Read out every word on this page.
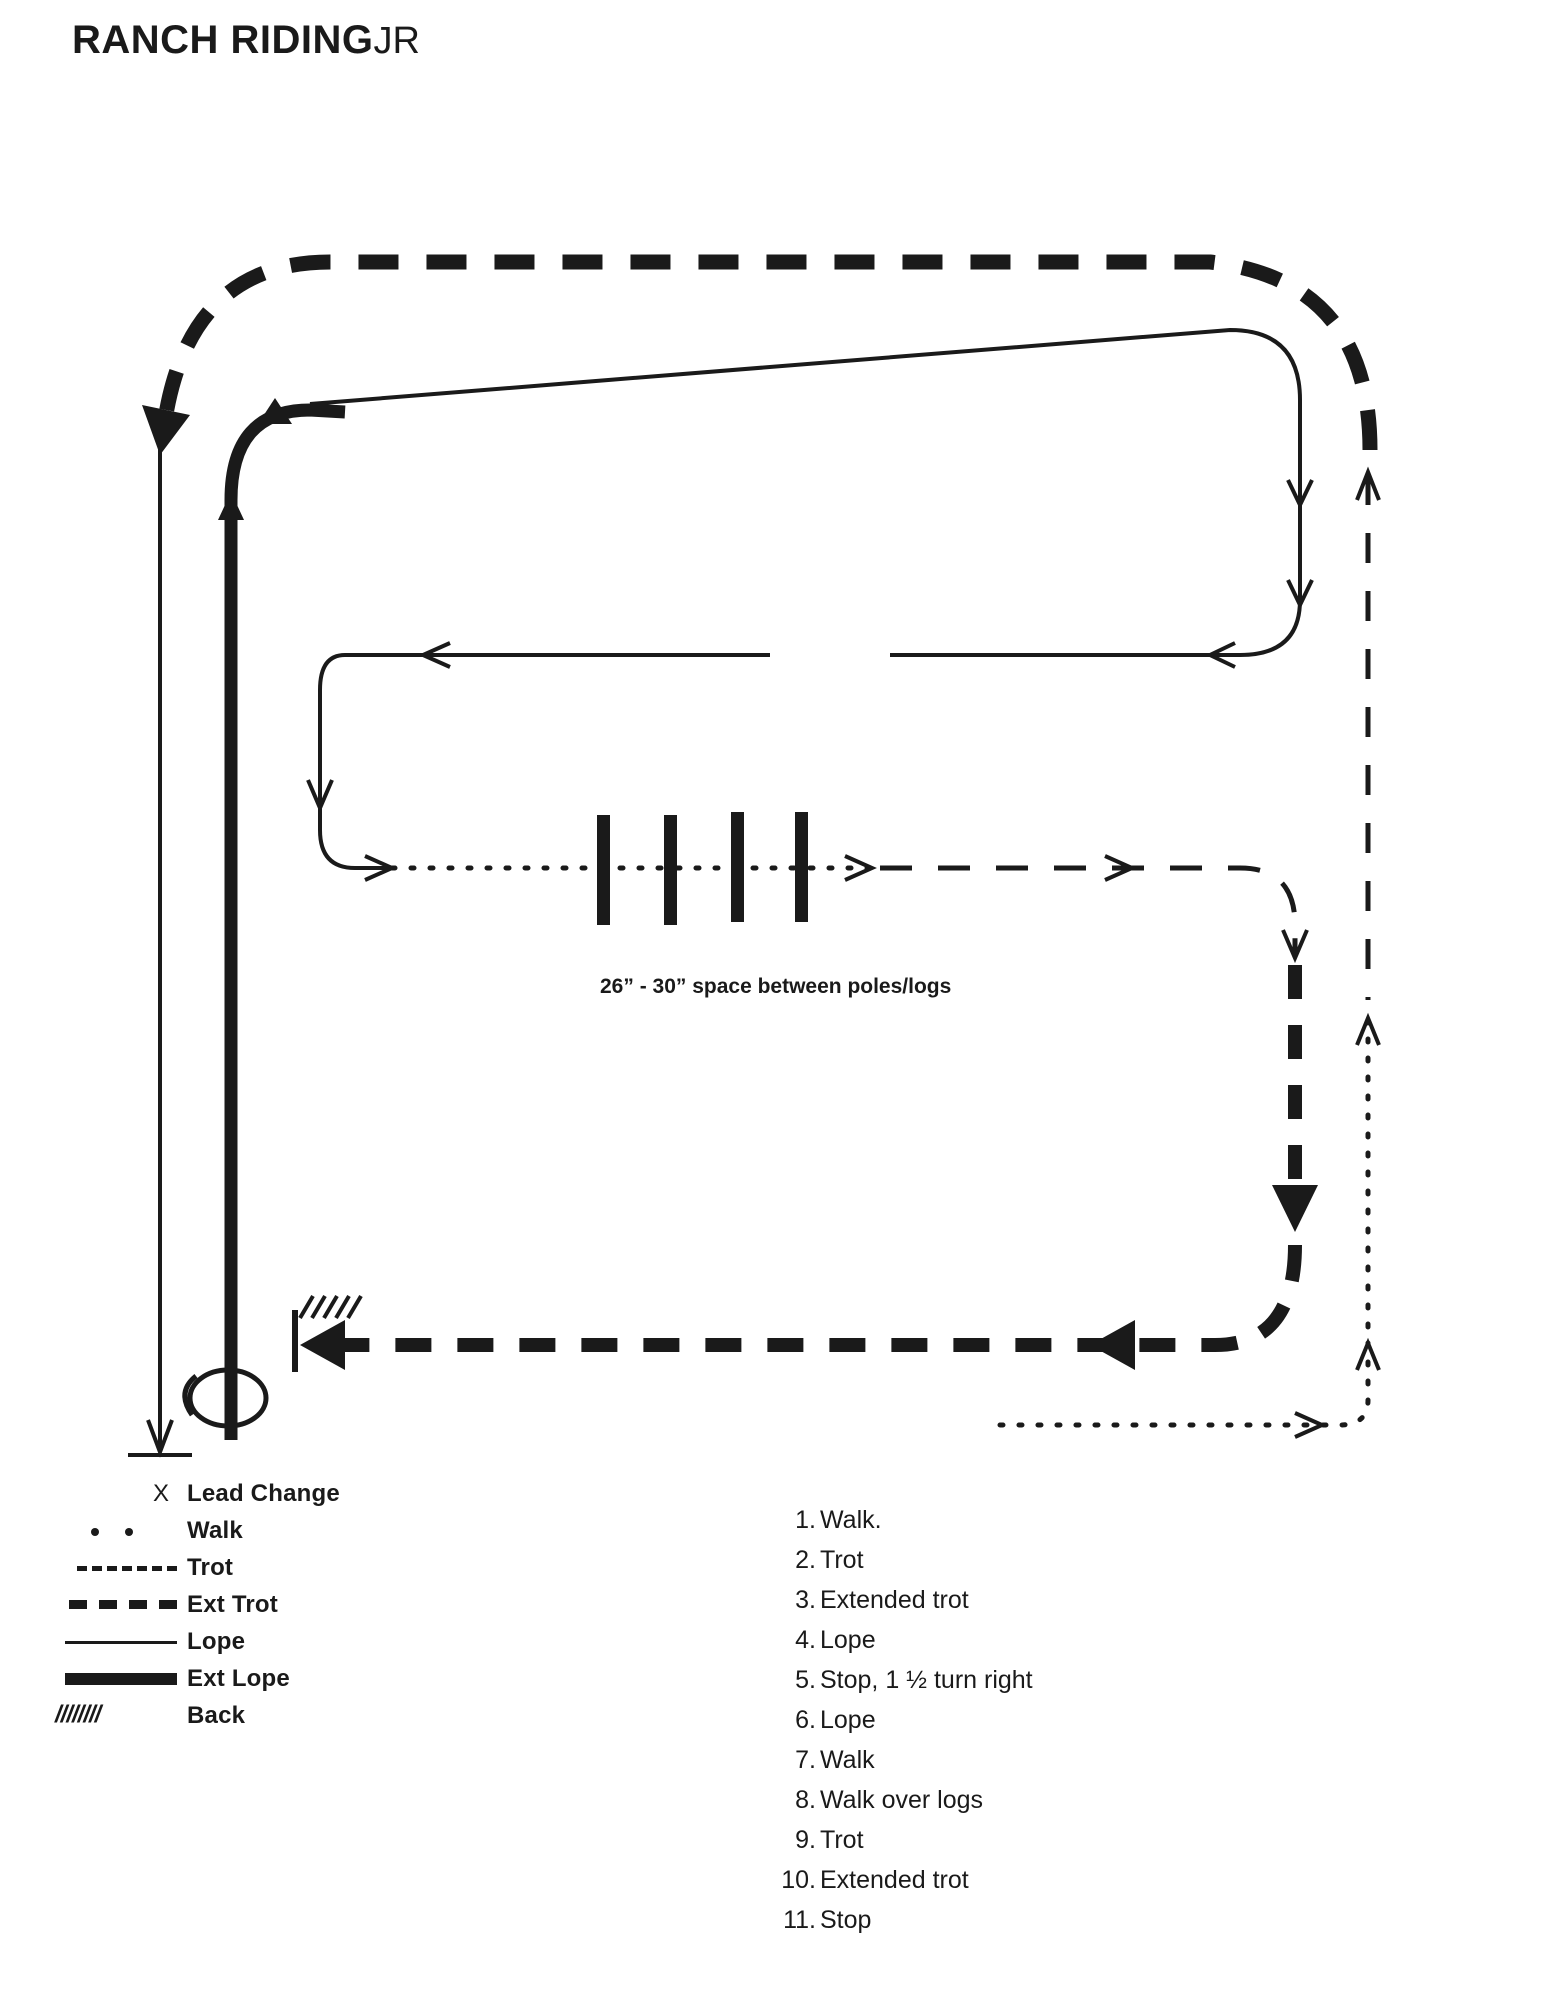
RANCH RIDINGJR
26” - 30” space between poles/logs
X Lead Change
Walk
Trot
Ext Trot
Lope
Ext Lope
////////	Back
1. Walk.
2. Trot
3. Extended trot
4. Lope
5. Stop, 1 ½ turn right
6. Lope
7. Walk
8. Walk over logs
9. Trot
10. Extended trot
11. Stop
